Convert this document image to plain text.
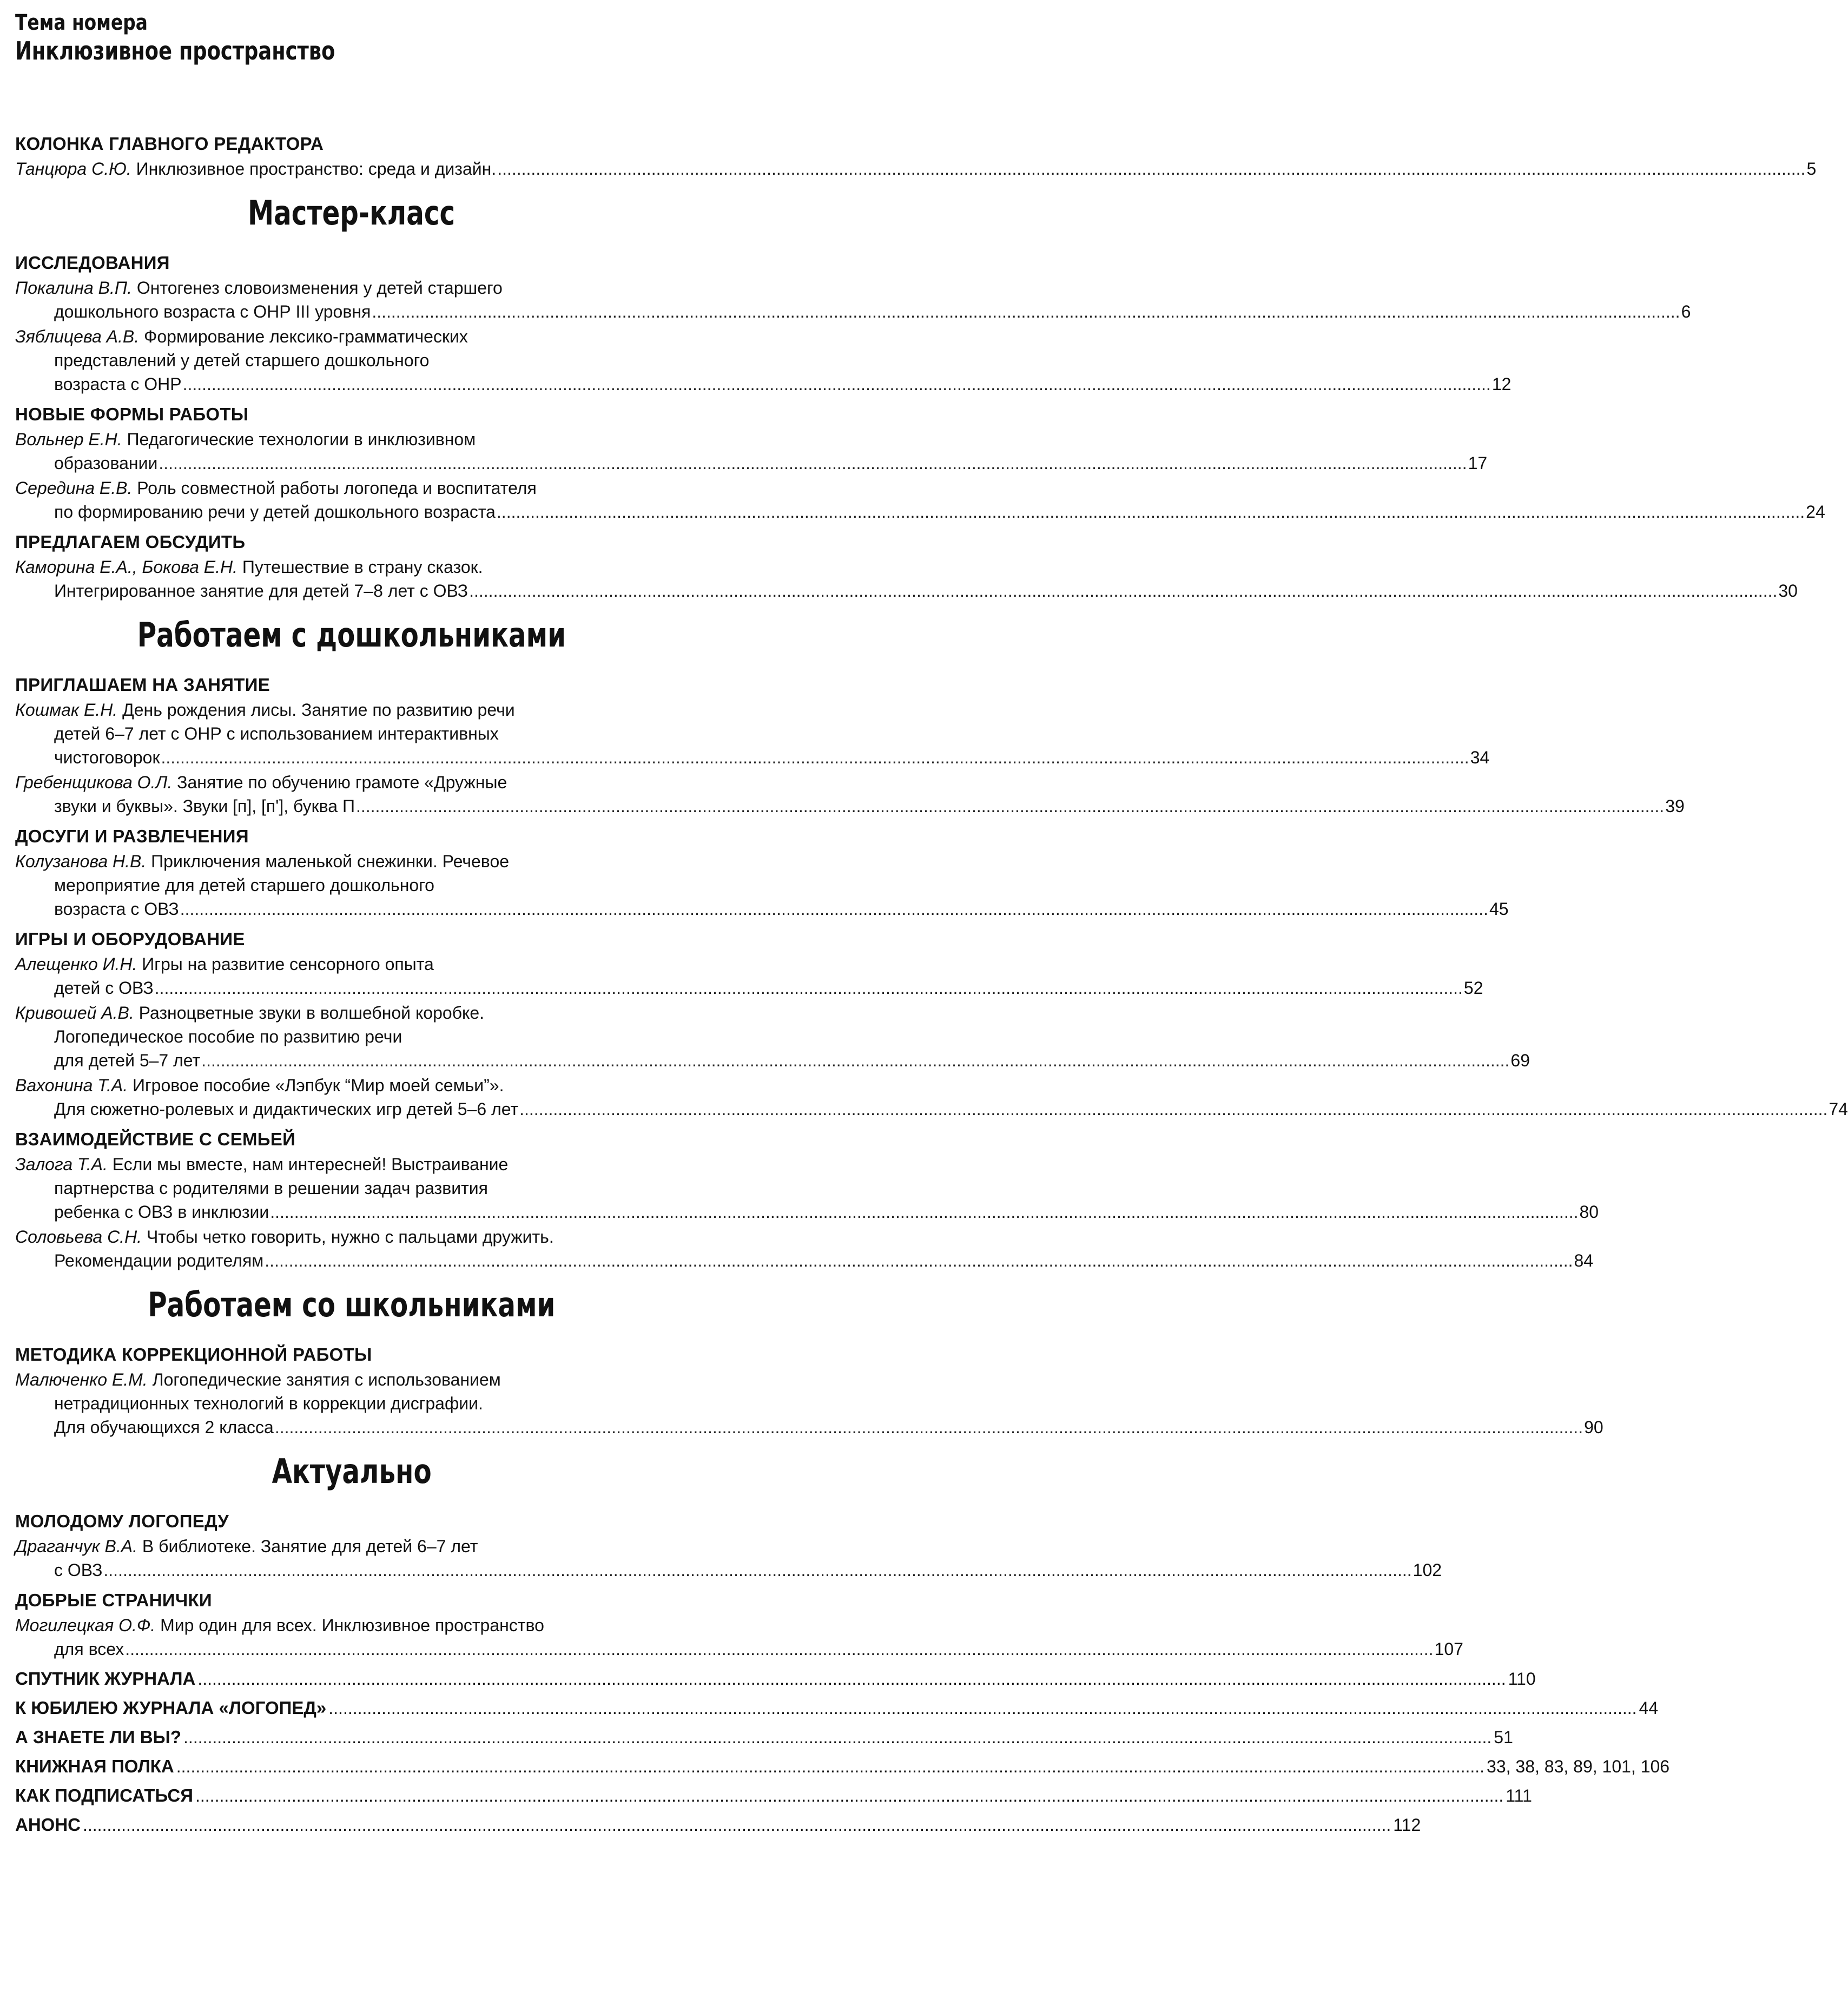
Тема номера
Инклюзивное пространство
КОЛОНКА ГЛАВНОГО РЕДАКТОРА
Танцюра С.Ю. Инклюзивное пространство: среда и дизайн. .....	5
Мастер-класс
ИССЛЕДОВАНИЯ
Покалина В.П. Онтогенез словоизменения у детей старшего
дошкольного возраста с ОНР III уровня .....	6
Зяблицева А.В. Формирование лексико-грамматических
представлений у детей старшего дошкольного
возраста с ОНР .....	12
НОВЫЕ ФОРМЫ РАБОТЫ
Вольнер Е.Н. Педагогические технологии в инклюзивном
образовании .....	17
Середина Е.В. Роль совместной работы логопеда и воспитателя
по формированию речи у детей дошкольного возраста .....	24
ПРЕДЛАГАЕМ ОБСУДИТЬ
Каморина Е.А., Бокова Е.Н. Путешествие в страну сказок.
Интегрированное занятие для детей 7–8 лет с ОВЗ .....	30
Работаем с дошкольниками
ПРИГЛАШАЕМ НА ЗАНЯТИЕ
Кошмак Е.Н. День рождения лисы. Занятие по развитию речи
детей 6–7 лет с ОНР с использованием интерактивных
чистоговорок .....	34
Гребенщикова О.Л. Занятие по обучению грамоте «Дружные
звуки и буквы». Звуки [п], [п'], буква П .....	39
ДОСУГИ И РАЗВЛЕЧЕНИЯ
Колузанова Н.В. Приключения маленькой снежинки. Речевое
мероприятие для детей старшего дошкольного
возраста с ОВЗ .....	45
ИГРЫ И ОБОРУДОВАНИЕ
Алещенко И.Н. Игры на развитие сенсорного опыта
детей с ОВЗ .....	52
Кривошей А.В. Разноцветные звуки в волшебной коробке.
Логопедическое пособие по развитию речи
для детей 5–7 лет .....	69
Вахонина Т.А. Игровое пособие «Лэпбук “Мир моей семьи”».
Для сюжетно-ролевых и дидактических игр детей 5–6 лет .....	74
ВЗАИМОДЕЙСТВИЕ С СЕМЬЕЙ
Залога Т.А. Если мы вместе, нам интересней! Выстраивание
партнерства с родителями в решении задач развития
ребенка с ОВЗ в инклюзии .....	80
Соловьева С.Н. Чтобы четко говорить, нужно с пальцами дружить.
Рекомендации родителям .....	84
Работаем со школьниками
МЕТОДИКА КОРРЕКЦИОННОЙ РАБОТЫ
Малюченко Е.М. Логопедические занятия с использованием
нетрадиционных технологий в коррекции дисграфии.
Для обучающихся 2 класса .....	90
Актуально
МОЛОДОМУ ЛОГОПЕДУ
Драганчук В.А. В библиотеке. Занятие для детей 6–7 лет
с ОВЗ .....	102
ДОБРЫЕ СТРАНИЧКИ
Могилецкая О.Ф. Мир один для всех. Инклюзивное пространство
для всех .....	107
СПУТНИК ЖУРНАЛА .....	110
К ЮБИЛЕЮ ЖУРНАЛА «ЛОГОПЕД» .....	44
А ЗНАЕТЕ ЛИ ВЫ? .....	51
КНИЖНАЯ ПОЛКА .....	33, 38, 83, 89, 101, 106
КАК ПОДПИСАТЬСЯ .....	111
АНОНС .....	112
